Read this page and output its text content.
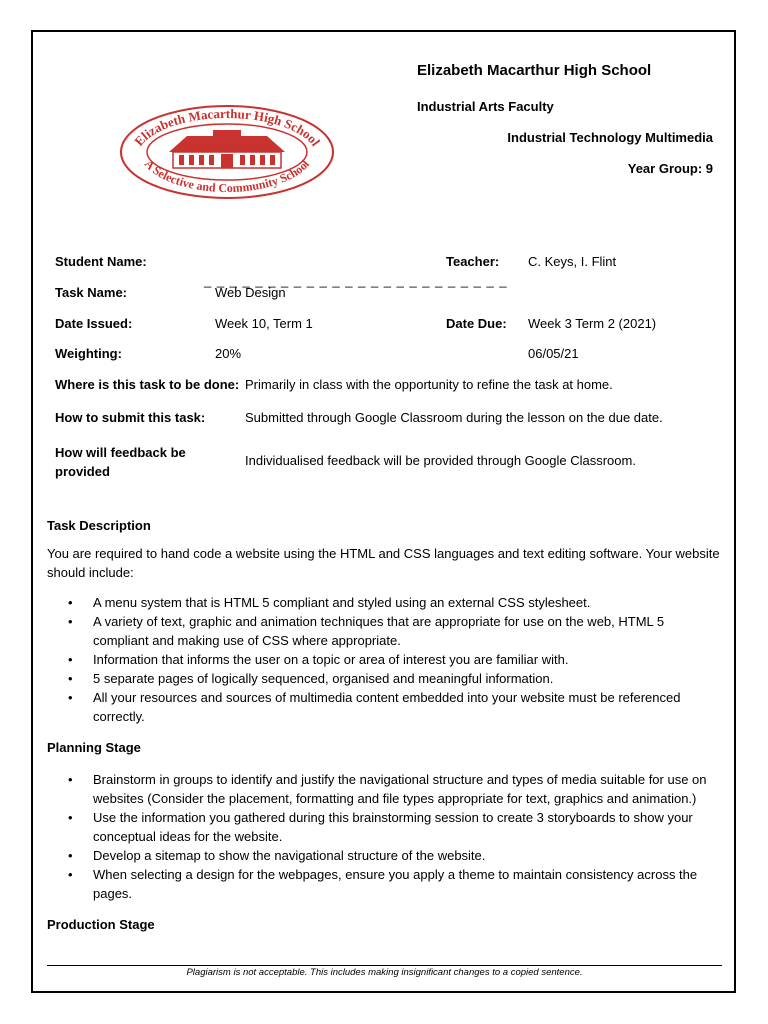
Elizabeth Macarthur High School
Industrial Arts Faculty
Industrial Technology Multimedia
Year Group: 9
Elizabeth Macarthur High School
A Selective and Community School
Student Name:
_ _ _ _ _ _ _ _ _ _ _ _ _ _ _ _ _ _ _ _ _ _ _ _
Teacher: C. Keys, I. Flint
Task Name:	Web Design
Date Issued:	Week 10, Term 1	Date Due: Week 3 Term 2 (2021)
Weighting:	20%	06/05/21
Where is this task to be done: Primarily in class with the opportunity to refine the task at home.
How to submit this task:	Submitted through Google Classroom during the lesson on the due date.
How will feedback be provided
Individualised feedback will be provided through Google Classroom.
Task Description
You are required to hand code a website using the HTML and CSS languages and text editing software. Your website should include:
• A menu system that is HTML 5 compliant and styled using an external CSS stylesheet.
• A variety of text, graphic and animation techniques that are appropriate for use on the web, HTML 5 compliant and making use of CSS where appropriate.
• Information that informs the user on a topic or area of interest you are familiar with.
• 5 separate pages of logically sequenced, organised and meaningful information.
• All your resources and sources of multimedia content embedded into your website must be referenced correctly.
Planning Stage
• Brainstorm in groups to identify and justify the navigational structure and types of media suitable for use on websites (Consider the placement, formatting and file types appropriate for text, graphics and animation.)
• Use the information you gathered during this brainstorming session to create 3 storyboards to show your conceptual ideas for the website.
• Develop a sitemap to show the navigational structure of the website.
• When selecting a design for the webpages, ensure you apply a theme to maintain consistency across the pages.
Production Stage
Plagiarism is not acceptable. This includes making insignificant changes to a copied sentence.
